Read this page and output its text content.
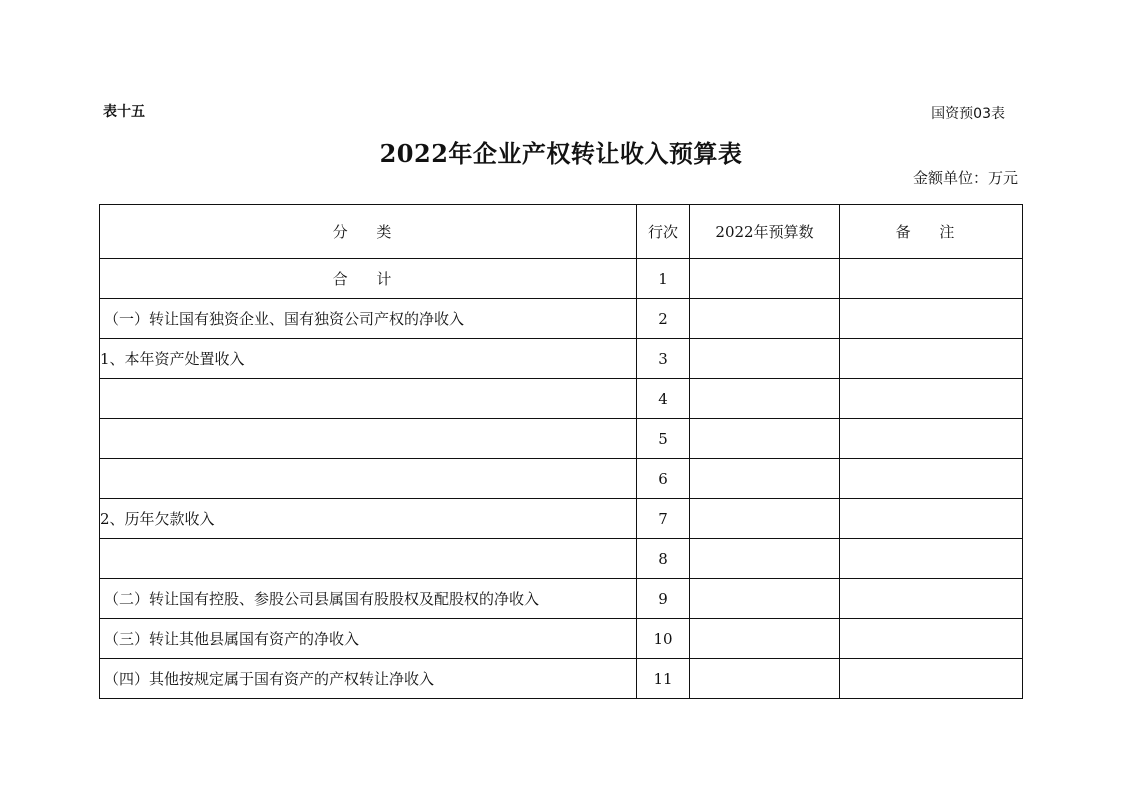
表十五	国资预03表
2022年企业产权转让收入预算表
金额单位：万元
分 类	行次	2022年预算数	备 注
合 计	1		
（一）转让国有独资企业、国有独资公司产权的净收入	2		
1、本年资产处置收入	3		
	4		
	5		
	6		
2、历年欠款收入	7		
	8		
（二）转让国有控股、参股公司县属国有股股权及配股权的净收入	9		
（三）转让其他县属国有资产的净收入	10		
（四）其他按规定属于国有资产的产权转让净收入	11		
